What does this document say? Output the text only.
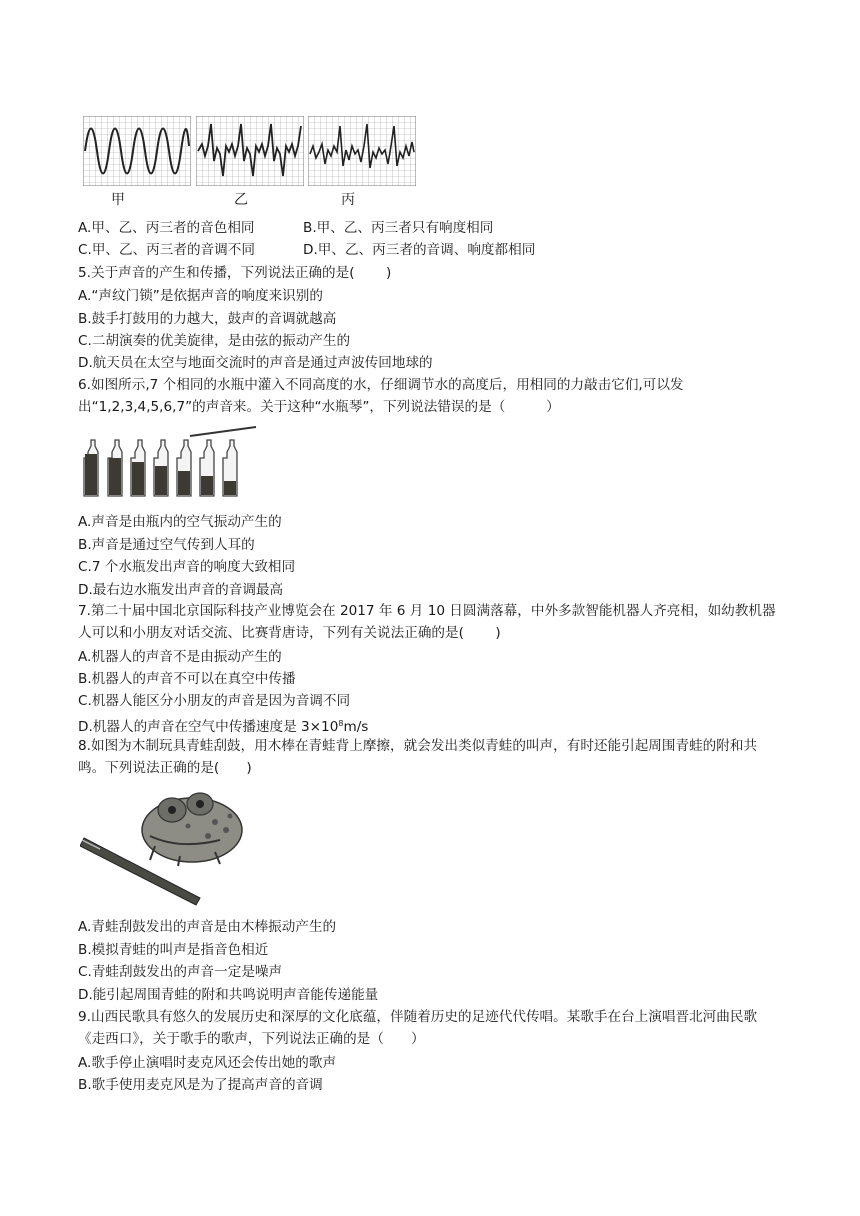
甲	乙	丙
A.甲、乙、丙三者的音色相同	B.甲、乙、丙三者只有响度相同
C.甲、乙、丙三者的音调不同	D.甲、乙、丙三者的音调、响度都相同
5.关于声音的产生和传播，下列说法正确的是(　　 )
A.“声纹门锁”是依据声音的响度来识别的
B.鼓手打鼓用的力越大，鼓声的音调就越高
C.二胡演奏的优美旋律，是由弦的振动产生的
D.航天员在太空与地面交流时的声音是通过声波传回地球的
6.如图所示,7 个相同的水瓶中灌入不同高度的水，仔细调节水的高度后，用相同的力敲击它们,可以发出“1,2,3,4,5,6,7”的声音来。关于这种“水瓶琴”，下列说法错误的是（　　　）
A.声音是由瓶内的空气振动产生的
B.声音是通过空气传到人耳的
C.7 个水瓶发出声音的响度大致相同
D.最右边水瓶发出声音的音调最高
7.第二十届中国北京国际科技产业博览会在 2017 年 6 月 10 日圆满落幕，中外多款智能机器人齐亮相，如幼教机器人可以和小朋友对话交流、比赛背唐诗，下列有关说法正确的是(　　 )
A.机器人的声音不是由振动产生的
B.机器人的声音不可以在真空中传播
C.机器人能区分小朋友的声音是因为音调不同
D.机器人的声音在空气中传播速度是 $3\times 10^8m/s$
8.如图为木制玩具青蛙刮鼓，用木棒在青蛙背上摩擦，就会发出类似青蛙的叫声，有时还能引起周围青蛙的附和共鸣。下列说法正确的是(　　)
A.青蛙刮鼓发出的声音是由木棒振动产生的
B.模拟青蛙的叫声是指音色相近
C.青蛙刮鼓发出的声音一定是噪声
D.能引起周围青蛙的附和共鸣说明声音能传递能量
9.山西民歌具有悠久的发展历史和深厚的文化底蕴，伴随着历史的足迹代代传唱。某歌手在台上演唱晋北河曲民歌《走西口》，关于歌手的歌声，下列说法正确的是（　　）
A.歌手停止演唱时麦克风还会传出她的歌声
B.歌手使用麦克风是为了提高声音的音调
